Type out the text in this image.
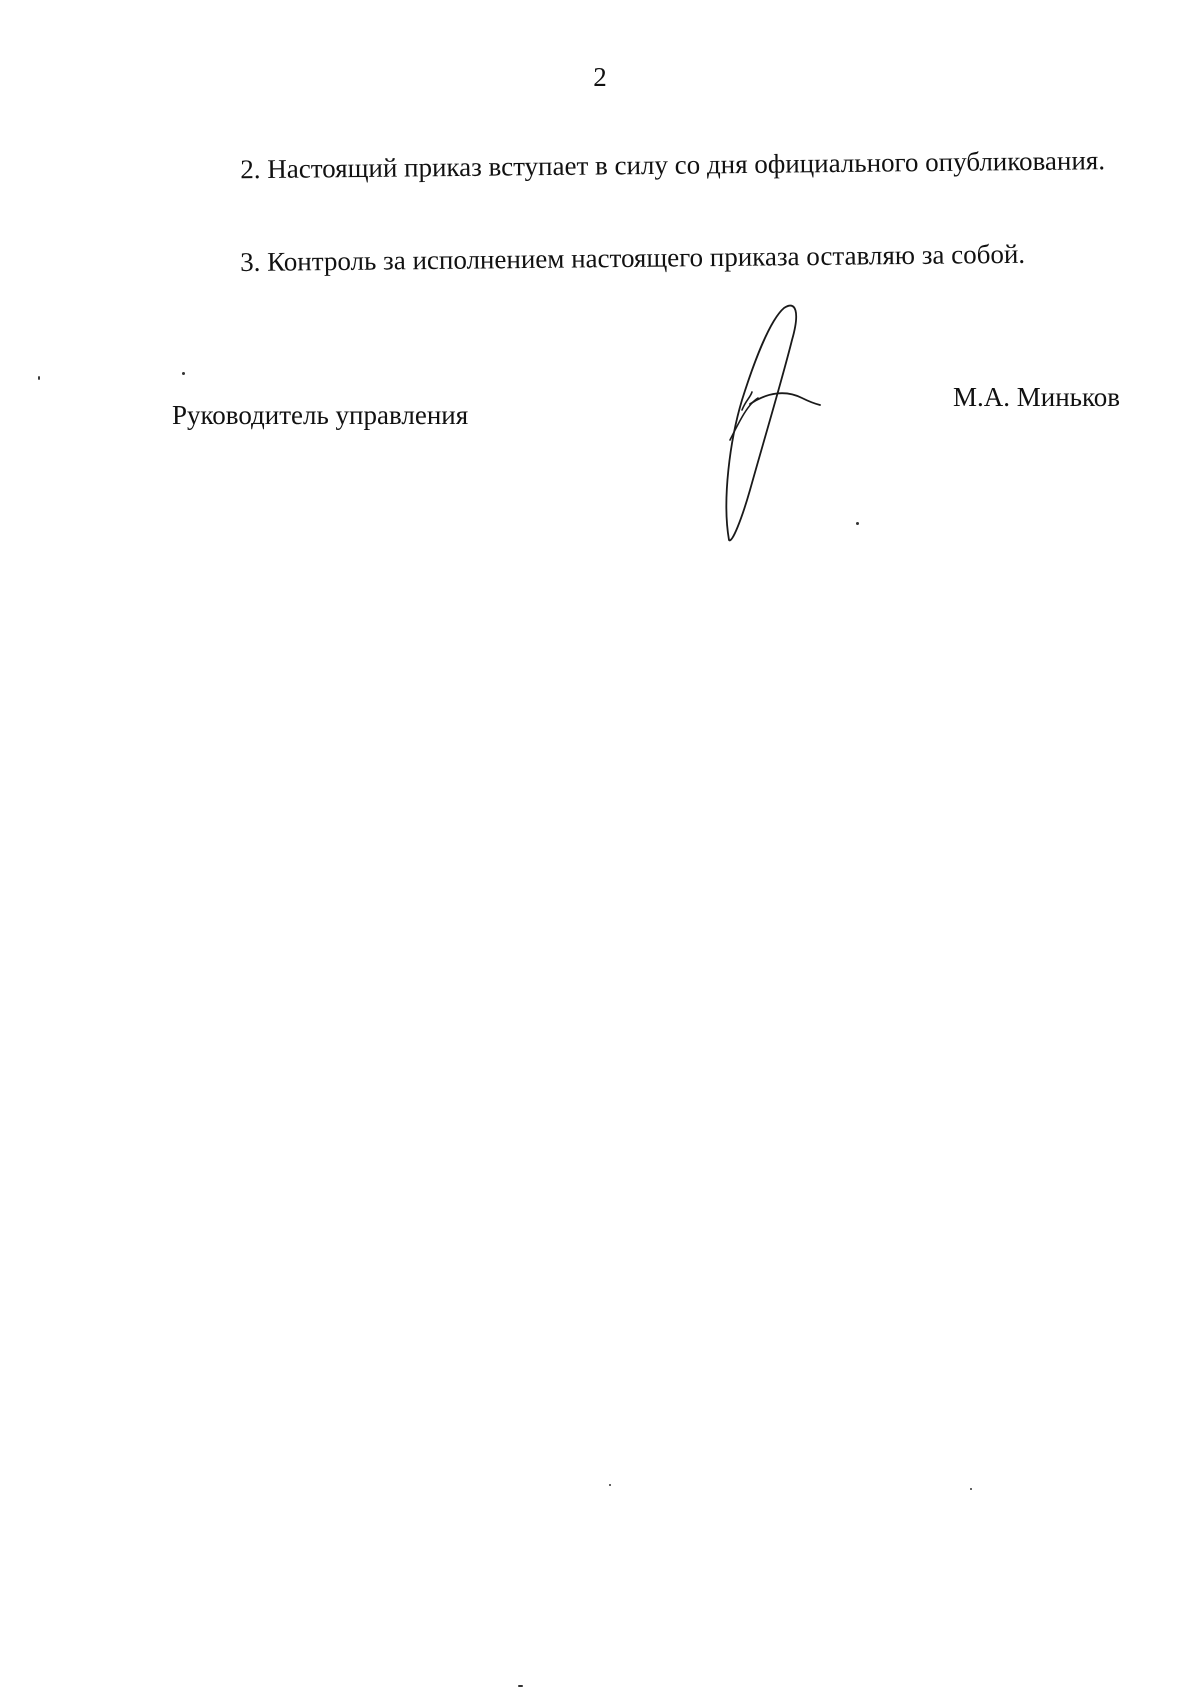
2

2. Настоящий приказ вступает в силу со дня официального опубликования.

3. Контроль за исполнением настоящего приказа оставляю за собой.

Руководитель управления
М.А. Миньков
